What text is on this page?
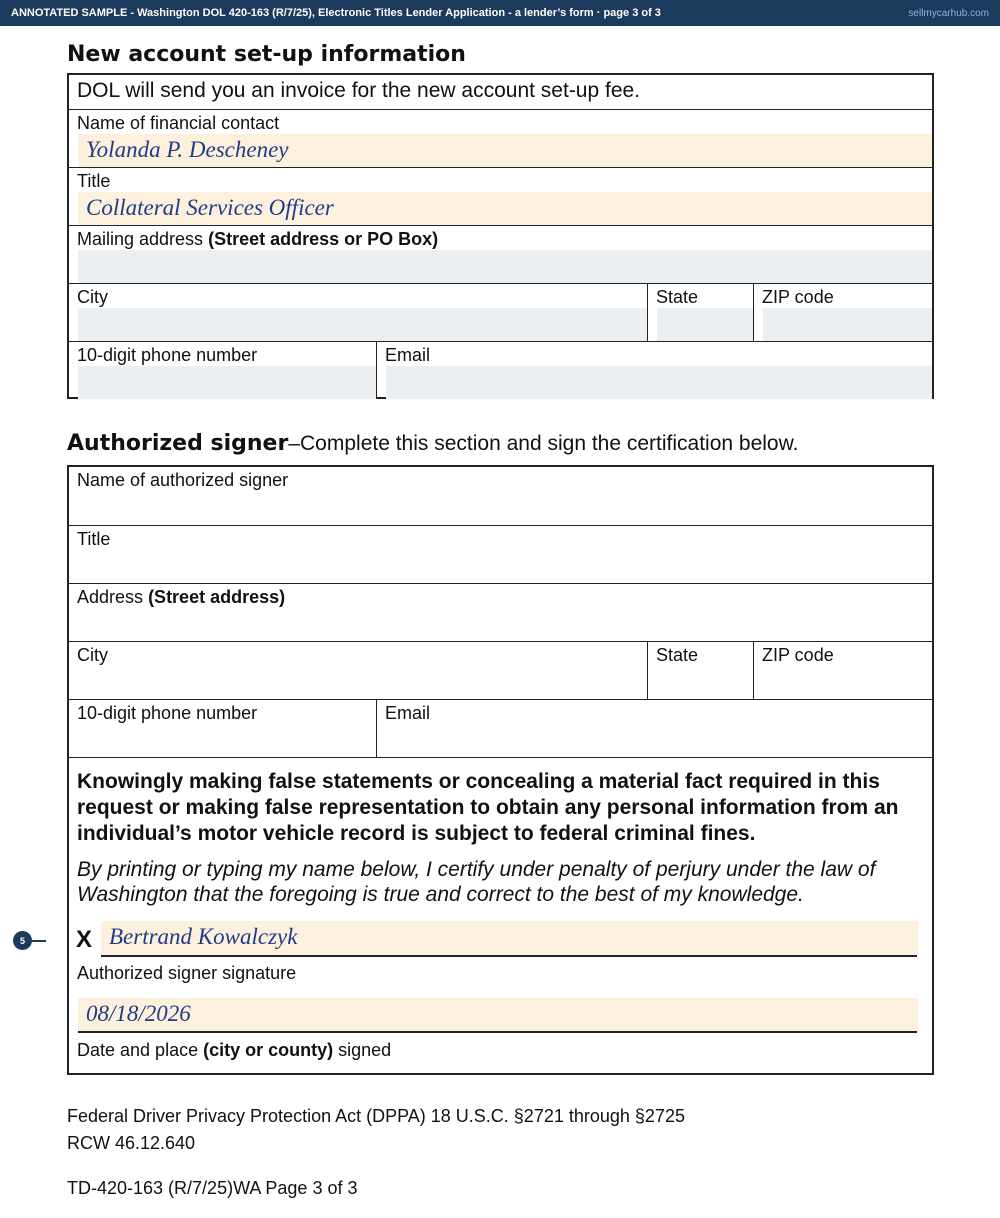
ANNOTATED SAMPLE - Washington DOL 420-163 (R/7/25), Electronic Titles Lender Application - a lender’s form · page 3 of 3	sellmycarhub.com
New account set-up information
DOL will send you an invoice for the new account set-up fee.
Name of financial contact
Yolanda P. Descheney
Title
Collateral Services Officer
Mailing address (Street address or PO Box)
City	State	ZIP code
10-digit phone number	Email
Authorized signer–Complete this section and sign the certification below.
Name of authorized signer
Title
Address (Street address)
City	State	ZIP code
10-digit phone number	Email
Knowingly making false statements or concealing a material fact required in this request or making false representation to obtain any personal information from an individual’s motor vehicle record is subject to federal criminal fines.
By printing or typing my name below, I certify under penalty of perjury under the law of Washington that the foregoing is true and correct to the best of my knowledge.
X Bertrand Kowalczyk
Authorized signer signature
08/18/2026
Date and place (city or county) signed
5
Federal Driver Privacy Protection Act (DPPA) 18 U.S.C. §2721 through §2725
RCW 46.12.640
TD-420-163 (R/7/25)WA Page 3 of 3
